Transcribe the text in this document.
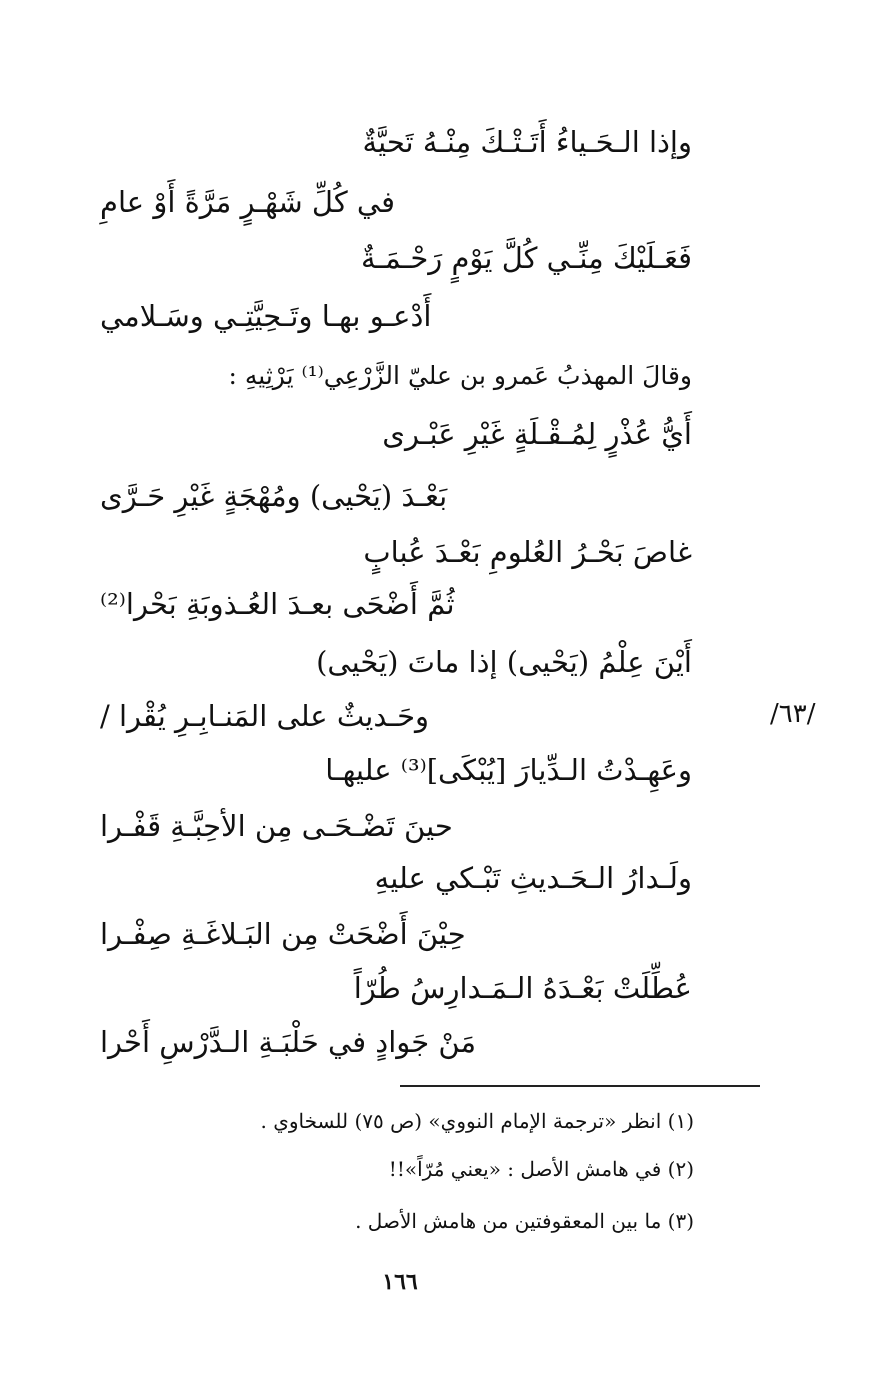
وإذا الـحَـياءُ أَتَـتْـكَ مِنْـهُ تَحيَّةٌ
في كُلِّ شَهْـرٍ مَرَّةً أَوْ عامِ
فَعَـلَيْكَ مِنِّـي كُلَّ يَوْمٍ رَحْـمَـةٌ
أَدْعـو بهـا وتَـحِيَّتِـي وسَـلامي
وقالَ المهذبُ عَمرو بن عليّ الزَّرْعِي⁽¹⁾ يَرْثِيهِ :
أَيُّ عُذْرٍ لِمُـقْـلَةٍ غَيْرِ عَبْـرى
بَعْـدَ (يَحْيى) ومُهْجَةٍ غَيْرِ حَـرَّى
غاصَ بَحْـرُ العُلومِ بَعْـدَ عُبابٍ
ثُمَّ أَضْحَى بعـدَ العُـذوبَةِ بَحْرا⁽²⁾
أَيْنَ عِلْمُ (يَحْيى) إذا ماتَ (يَحْيى)
وحَـديثٌ على المَنـابِـرِ يُقْرا /
وعَهِـدْتُ الـدِّيارَ [يُبْكَى]⁽³⁾ عليهـا
حينَ تَضْـحَـى مِن الأحِبَّـةِ قَفْـرا
ولَـدارُ الـحَـديثِ تَبْـكي عليهِ
حِيْنَ أَضْحَتْ مِن البَـلاغَـةِ صِفْـرا
عُطِّلَتْ بَعْـدَهُ الـمَـدارِسُ طُرّاً
مَنْ جَوادٍ في حَلْبَـةِ الـدَّرْسِ أَحْرا
/٦٣/
(١) انظر «ترجمة الإمام النووي» (ص ٧٥) للسخاوي .
(٢) في هامش الأصل : «يعني مُرّاً»!!
(٣) ما بين المعقوفتين من هامش الأصل .
١٦٦
